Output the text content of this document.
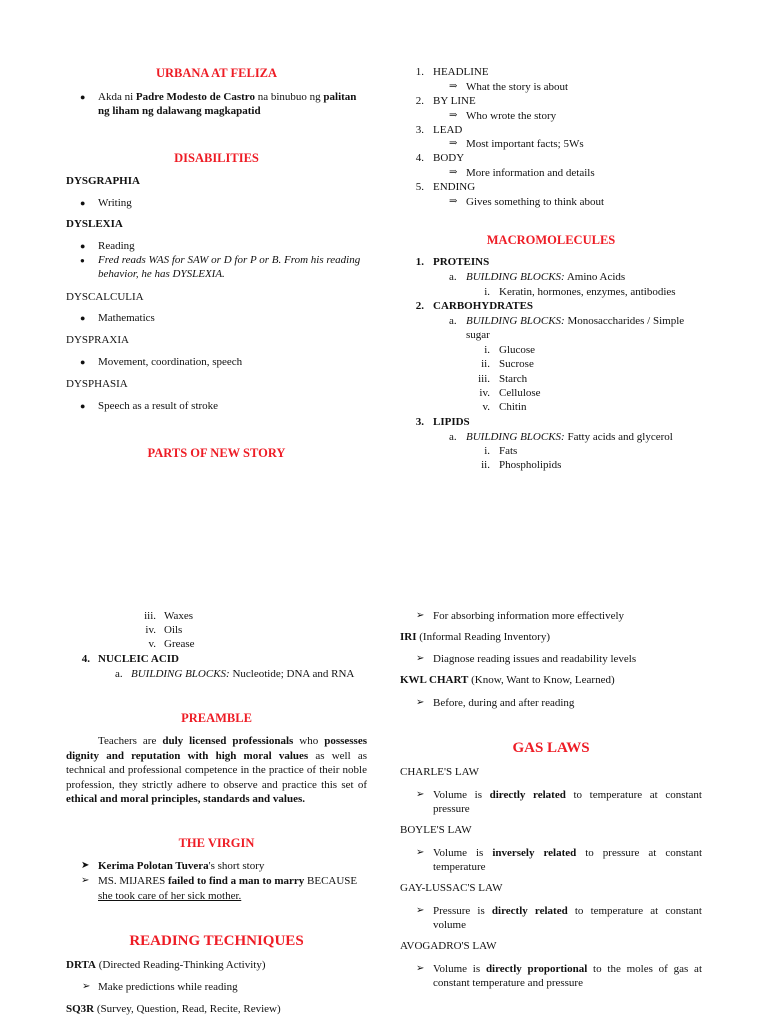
URBANA AT FELIZA
● Akda ni Padre Modesto de Castro na binubuo ng palitan
ng liham ng dalawang magkapatid
DISABILITIES
DYSGRAPHIA
● Writing
DYSLEXIA
● Reading
● Fred reads WAS for SAW or D for P or B. From his reading
behavior, he has DYSLEXIA.
DYSCALCULIA
● Mathematics
DYSPRAXIA
● Movement, coordination, speech
DYSPHASIA
● Speech as a result of stroke
PARTS OF NEW STORY
1. HEADLINE
⇒ What the story is about
2. BY LINE
⇒ Who wrote the story
3. LEAD
⇒ Most important facts; 5Ws
4. BODY
⇒ More information and details
5. ENDING
⇒ Gives something to think about
MACROMOLECULES
1. PROTEINS
a. BUILDING BLOCKS: Amino Acids
i. Keratin, hormones, enzymes, antibodies
2. CARBOHYDRATES
a. BUILDING BLOCKS: Monosaccharides / Simple
sugar
i. Glucose
ii. Sucrose
iii. Starch
iv. Cellulose
v. Chitin
3. LIPIDS
a. BUILDING BLOCKS: Fatty acids and glycerol
i. Fats
ii. Phospholipids
iii. Waxes
iv. Oils
v. Grease
4. NUCLEIC ACID
a. BUILDING BLOCKS: Nucleotide; DNA and RNA
PREAMBLE
Teachers are duly licensed professionals who possesses dignity and reputation with high moral values as well as technical and professional competence in the practice of their noble profession, they strictly adhere to observe and practice this set of ethical and moral principles, standards and values.
THE VIRGIN
➤ Kerima Polotan Tuvera's short story
➢ MS. MIJARES failed to find a man to marry BECAUSE
she took care of her sick mother.
READING TECHNIQUES
DRTA (Directed Reading-Thinking Activity)
➢ Make predictions while reading
SQ3R (Survey, Question, Read, Recite, Review)
➢ For absorbing information more effectively
IRI (Informal Reading Inventory)
➢ Diagnose reading issues and readability levels
KWL CHART (Know, Want to Know, Learned)
➢ Before, during and after reading
GAS LAWS
CHARLE'S LAW
➢ Volume is directly related to temperature at constant pressure
BOYLE'S LAW
➢ Volume is inversely related to pressure at constant temperature
GAY-LUSSAC'S LAW
➢ Pressure is directly related to temperature at constant volume
AVOGADRO'S LAW
➢ Volume is directly proportional to the moles of gas at constant temperature and pressure
